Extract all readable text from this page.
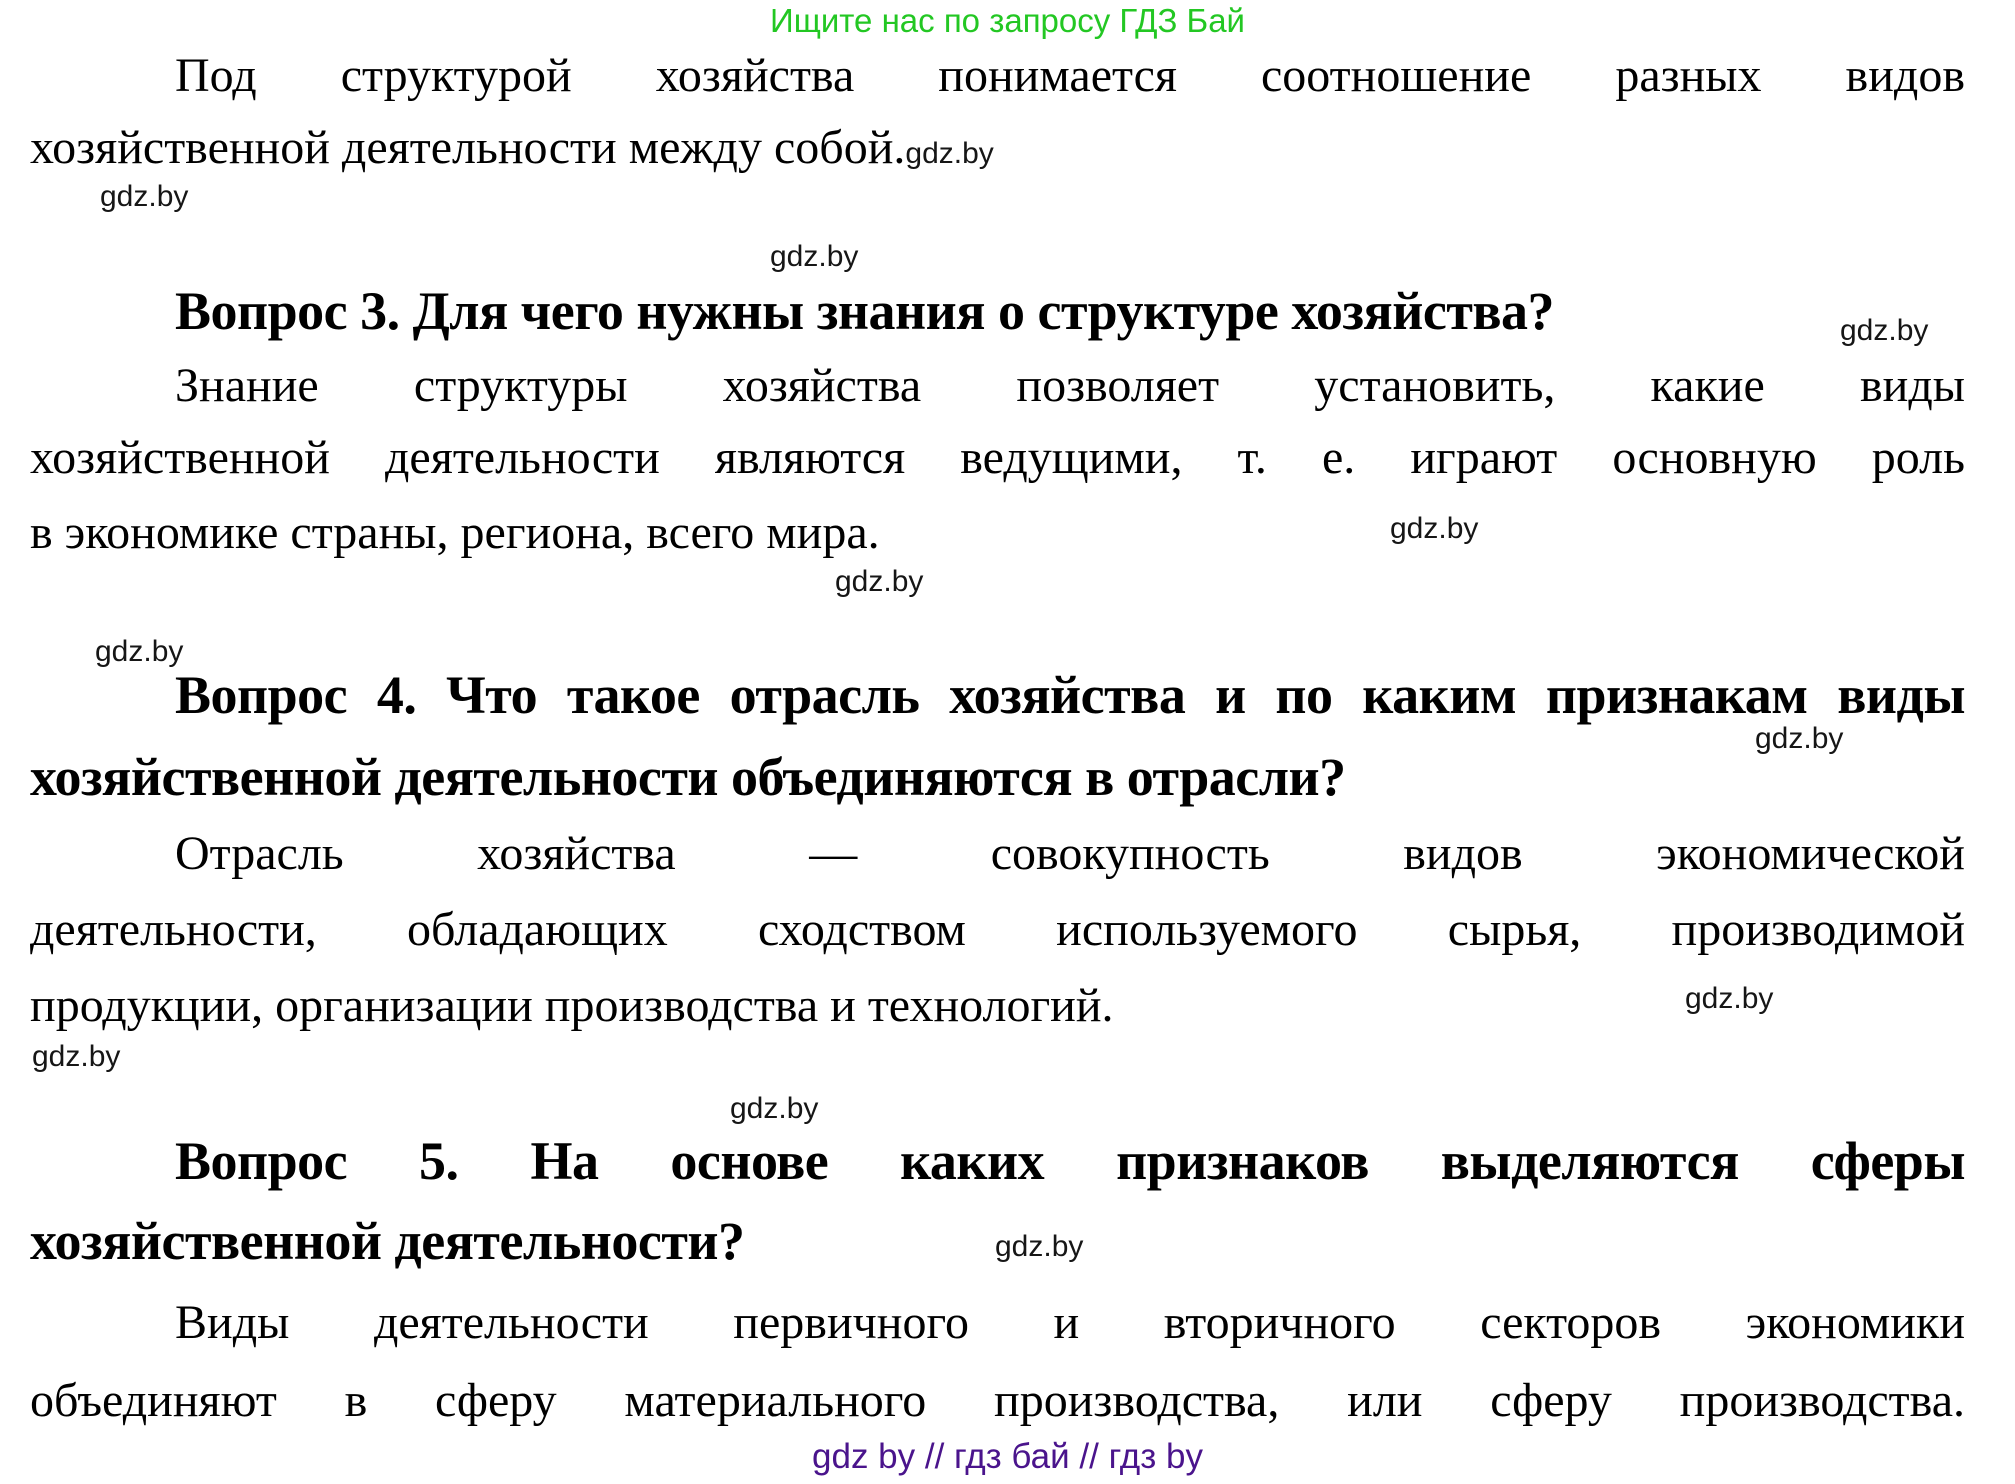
Ищите нас по запросу ГДЗ Бай
Под структурой хозяйства понимается соотношение разных видов
хозяйственной деятельности между собой.gdz.by
gdz.by
gdz.by
Вопрос 3. Для чего нужны знания о структуре хозяйства?	gdz.by
Знание структуры хозяйства позволяет установить, какие виды
хозяйственной деятельности являются ведущими, т. е. играют основную роль
в экономике страны, региона, всего мира.	gdz.by
gdz.by
gdz.by
Вопрос 4. Что такое отрасль хозяйства и по каким признакам виды
gdz.by
хозяйственной деятельности объединяются в отрасли?
Отрасль хозяйства — совокупность видов экономической
деятельности, обладающих сходством используемого сырья, производимой
продукции, организации производства и технологий.	gdz.by
gdz.by
gdz.by
Вопрос 5. На основе каких признаков выделяются сферы
хозяйственной деятельности?	gdz.by
Виды деятельности первичного и вторичного секторов экономики
объединяют в сферу материального производства, или сферу производства.
gdz by // гдз бай // гдз by
